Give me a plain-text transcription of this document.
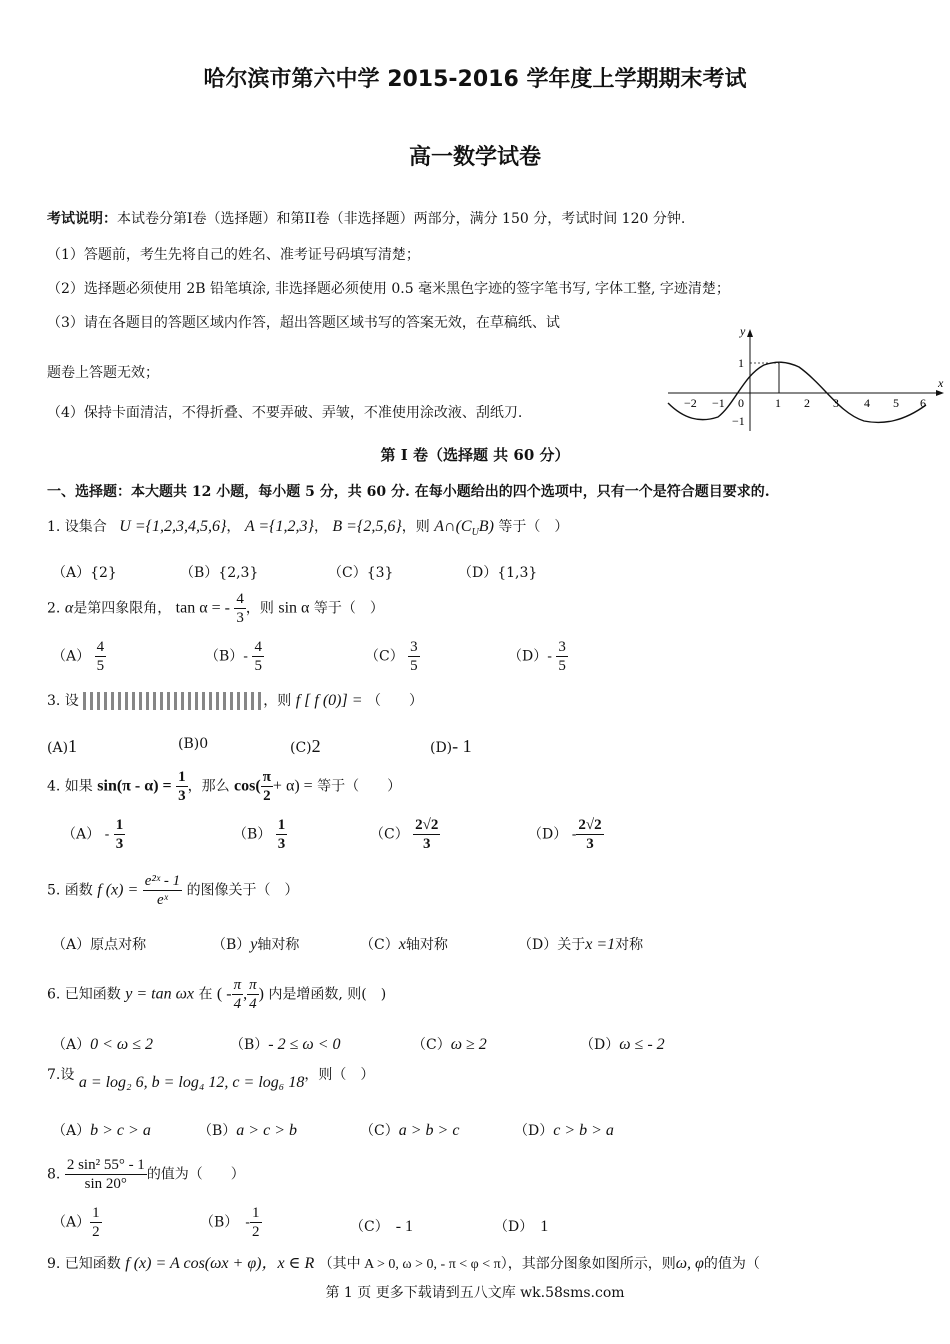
哈尔滨市第六中学 2015-2016 学年度上学期期末考试
高一数学试卷
考试说明：本试卷分第I卷（选择题）和第II卷（非选择题）两部分，满分 150 分，考试时间 120 分钟.
（1）答题前，考生先将自己的姓名、准考证号码填写清楚；
（2）选择题必须使用 2B 铅笔填涂, 非选择题必须使用 0.5 毫米黑色字迹的签字笔书写, 字体工整, 字迹清楚；
（3）请在各题目的答题区域内作答，超出答题区域书写的答案无效，在草稿纸、试
题卷上答题无效；
（4）保持卡面清洁，不得折叠、不要弄破、弄皱，不准使用涂改液、刮纸刀.
y
x
1
−1
−2 −1 0	1 2 3 4 5 6
第 I 卷（选择题 共 60 分）
一、选择题：本大题共 12 小题，每小题 5 分，共 60 分. 在每小题给出的四个选项中，只有一个是符合题目要求的.
1. 设集合 U ={1,2,3,4,5,6}， A ={1,2,3}， B ={2,5,6}，则 $A\cap(C_UB)$ 等于（　）
（A）{2}	（B）{2,3}	（C）{3}	（D）{1,3}
2. α是第四象限角， tan α = - $\frac{4}{3}$ ，则 sin α 等于（　）
$(A) \frac{4}{5}$	$(B)- \frac{4}{5}$	$(C) \frac{3}{5}$	$(D)- \frac{3}{5}$
3. 设	，则 f [ f (0)] = （　　）
(A)1	(B)0	(C)2	(D)- 1
4. 如果 $\sin(\pi - \alpha) = \frac{1}{3}$ ，那么 $\cos( \frac{\pi}{2} + \alpha)$ = 等于（　　）
$(A) - \frac{1}{3}$	$(B) \frac{1}{3}$	$(C) \frac{2√2}{3}$	$(D) - \frac{2√2}{3}$
5. 函数 f $(x) = \frac{\text{e²ˣ - 1}}{\text{eˣ}}$ 的图像关于（　）
（A）原点对称	（B）y轴对称	（C）x轴对称	（D）关于x =1对称
6. 已知函数 y = tan ωx 在 ( - $\frac{\pi}{4}$ , $\frac{\pi}{4}$ ) 内是增函数, 则(　)
（A）0 < ω ≤ 2	（B）- 2 ≤ ω < 0	（C）ω ≥ 2	（D）ω ≤ - 2
7.设 a = log₂ 6, b = log₄ 12, c = log₆ 18，则（　）
（A）b > c > a	（B）a > c > b	（C）a > b > c	（D）c > b > a
8. $\frac{\text{2 sin² 55° - 1}}{\sin 20^\circ}$ 的值为（　　）
$(A) \frac{1}{2}$	（B）　 - $\frac{1}{2}$	（C）　 - 1	（D）　 1
9. 已知函数 f (x) = A cos(ωx + φ)，x ∈ R （其中 A > 0, ω > 0, - π < φ < π），其部分图象如图所示，则ω, φ的值为（
第 1 页 更多下载请到五八文库 wk.58sms.com
